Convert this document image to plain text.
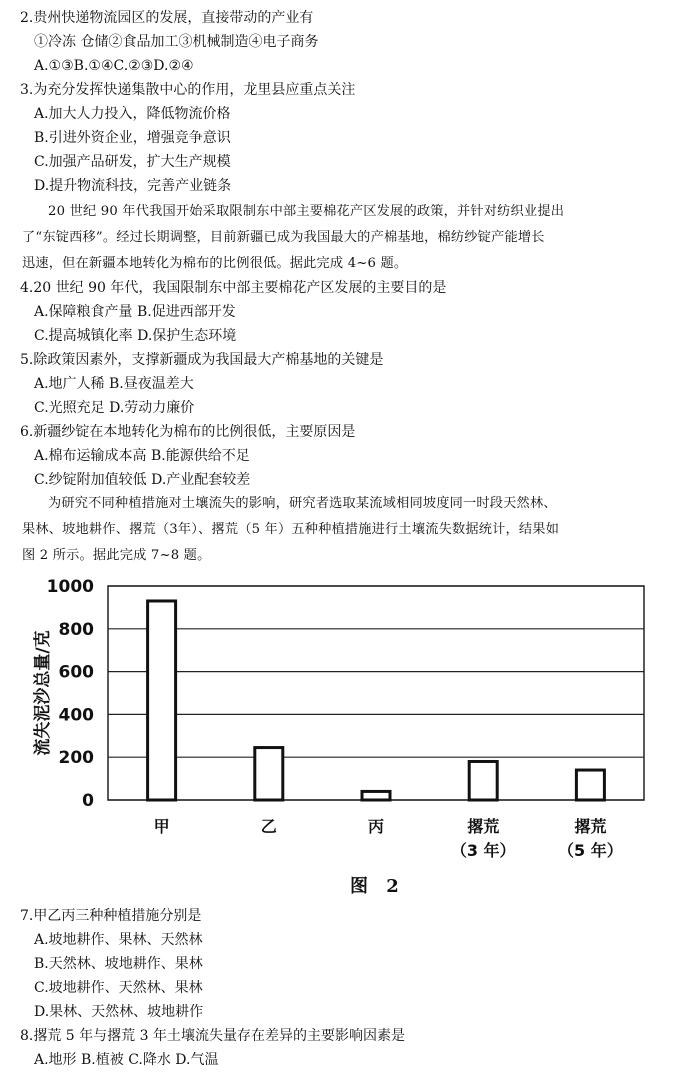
2.贵州快递物流园区的发展，直接带动的产业有
①冷冻 仓储②食品加工③机械制造④电子商务
A.①③B.①④C.②③D.②④
3.为充分发挥快递集散中心的作用，龙里县应重点关注
A.加大人力投入，降低物流价格
B.引进外资企业，增强竞争意识
C.加强产品研发，扩大生产规模
D.提升物流科技，完善产业链条
20 世纪 90 年代我国开始采取限制东中部主要棉花产区发展的政策，并针对纺织业提出
了“东锭西移”。经过长期调整，目前新疆已成为我国最大的产棉基地，棉纺纱锭产能增长
迅速，但在新疆本地转化为棉布的比例很低。据此完成 4~6 题。
4.20 世纪 90 年代，我国限制东中部主要棉花产区发展的主要目的是
A.保障粮食产量 B.促进西部开发
C.提高城镇化率 D.保护生态环境
5.除政策因素外，支撑新疆成为我国最大产棉基地的关键是
A.地广人稀 B.昼夜温差大
C.光照充足 D.劳动力廉价
6.新疆纱锭在本地转化为棉布的比例很低，主要原因是
A.棉布运输成本高 B.能源供给不足
C.纱锭附加值较低 D.产业配套较差
为研究不同种植措施对土壤流失的影响，研究者选取某流域相同坡度同一时段天然林、
果林、坡地耕作、撂荒（3年）、撂荒（5 年）五种种植措施进行土壤流失数据统计，结果如
图 2 所示。据此完成 7~8 题。
0
200
400
600
800
1000
流失泥沙总量/克
甲	乙	丙	撂荒
（3 年）
撂荒
（5 年）
图 2
7.甲乙丙三种种植措施分别是
A.坡地耕作、果林、天然林
B.天然林、坡地耕作、果林
C.坡地耕作、天然林、果林
D.果林、天然林、坡地耕作
8.撂荒 5 年与撂荒 3 年土壤流失量存在差异的主要影响因素是
A.地形 B.植被 C.降水 D.气温
